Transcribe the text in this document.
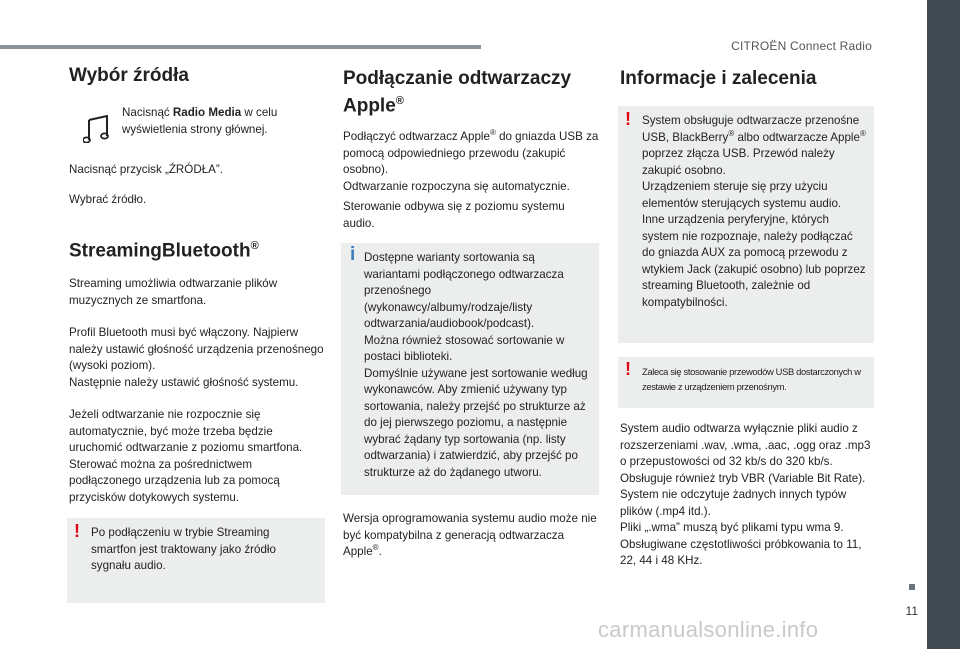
CITROËN Connect Radio
11
carmanualsonline.info
Wybór źródła

Nacisnąć Radio Media w celu wyświetlenia strony głównej.

Nacisnąć przycisk „ŹRÓDŁA”.

Wybrać źródło.

StreamingBluetooth®

Streaming umożliwia odtwarzanie plików muzycznych ze smartfona.

Profil Bluetooth musi być włączony. Najpierw należy ustawić głośność urządzenia przenośnego (wysoki poziom).

Następnie należy ustawić głośność systemu.

Jeżeli odtwarzanie nie rozpocznie się automatycznie, być może trzeba będzie uruchomić odtwarzanie z poziomu smartfona.

Sterować można za pośrednictwem podłączonego urządzenia lub za pomocą przycisków dotykowych systemu.

! Po podłączeniu w trybie Streaming smartfon jest traktowany jako źródło sygnału audio.

Podłączanie odtwarzaczy
Apple®

Podłączyć odtwarzacz Apple® do gniazda USB za pomocą odpowiedniego przewodu (zakupić osobno).

Odtwarzanie rozpoczyna się automatycznie.

Sterowanie odbywa się z poziomu systemu audio.

i Dostępne warianty sortowania są wariantami podłączonego odtwarzacza przenośnego (wykonawcy/albumy/rodzaje/listy odtwarzania/audiobook/podcast).

Można również stosować sortowanie w postaci biblioteki.

Domyślnie używane jest sortowanie według wykonawców. Aby zmienić używany typ sortowania, należy przejść po strukturze aż do jej pierwszego poziomu, a następnie wybrać żądany typ sortowania (np. listy odtwarzania) i zatwierdzić, aby przejść po strukturze aż do żądanego utworu.

Wersja oprogramowania systemu audio może nie być kompatybilna z generacją odtwarzacza Apple®.

Informacje i zalecenia
! System obsługuje odtwarzacze przenośne USB, BlackBerry® albo odtwarzacze Apple® poprzez złącza USB. Przewód należy zakupić osobno.

Urządzeniem steruje się przy użyciu elementów sterujących systemu audio.

Inne urządzenia peryferyjne, których system nie rozpoznaje, należy podłączać do gniazda AUX za pomocą przewodu z wtykiem Jack (zakupić osobno) lub poprzez streaming Bluetooth, zależnie od kompatybilności.

! Zaleca się stosowanie przewodów USB dostarczonych w zestawie z urządzeniem przenośnym.

System audio odtwarza wyłącznie pliki audio z rozszerzeniami .wav, .wma, .aac, .ogg oraz .mp3 o przepustowości od 32 kb/s do 320 kb/s.

Obsługuje również tryb VBR (Variable Bit Rate).

System nie odczytuje żadnych innych typów plików (.mp4 itd.).

Pliki „.wma” muszą być plikami typu wma 9.

Obsługiwane częstotliwości próbkowania to 11, 22, 44 i 48 KHz.
